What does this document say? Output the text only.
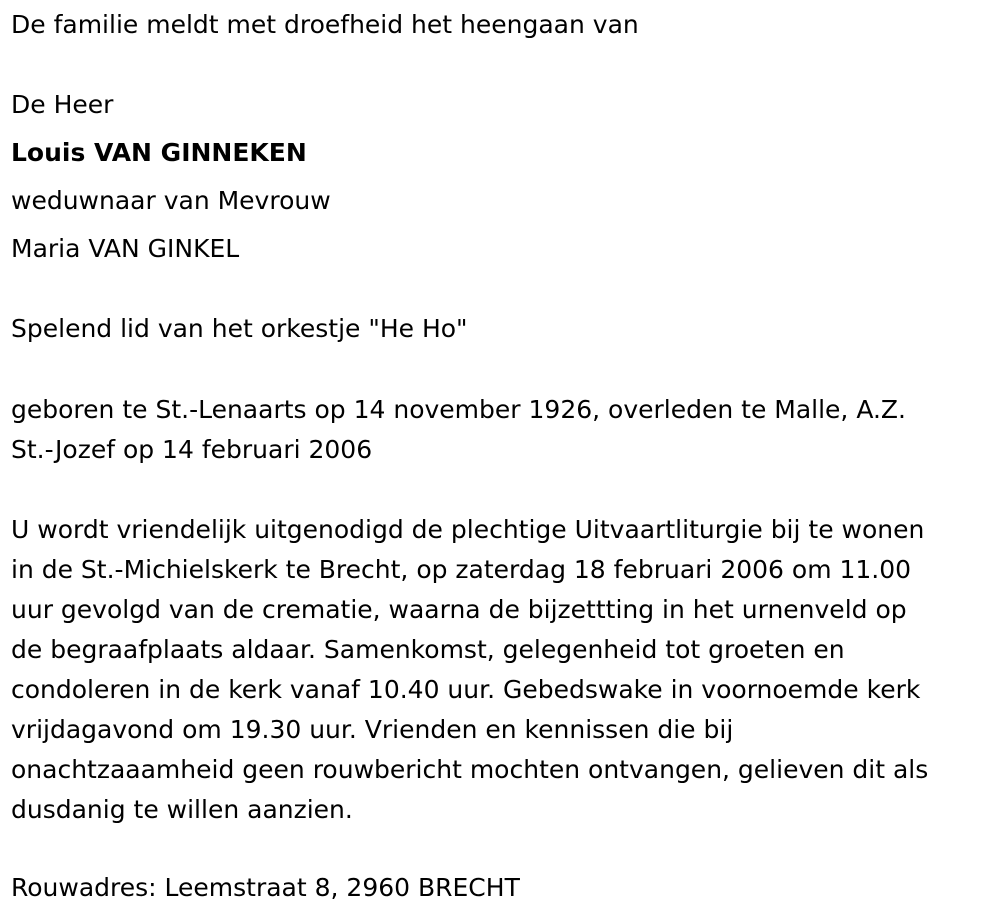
De familie meldt met droefheid het heengaan van

De Heer

Louis VAN GINNEKEN

weduwnaar van Mevrouw

Maria VAN GINKEL

Spelend lid van het orkestje "He Ho"

geboren te St.-Lenaarts op 14 november 1926, overleden te Malle, A.Z.
St.-Jozef op 14 februari 2006
U wordt vriendelijk uitgenodigd de plechtige Uitvaartliturgie bij te wonen
in de St.-Michielskerk te Brecht, op zaterdag 18 februari 2006 om 11.00
uur gevolgd van de crematie, waarna de bijzettting in het urnenveld op
de begraafplaats aldaar. Samenkomst, gelegenheid tot groeten en
condoleren in de kerk vanaf 10.40 uur. Gebedswake in voornoemde kerk
vrijdagavond om 19.30 uur. Vrienden en kennissen die bij
onachtzaaamheid geen rouwbericht mochten ontvangen, gelieven dit als
dusdanig te willen aanzien.

Rouwadres: Leemstraat 8, 2960 BRECHT
